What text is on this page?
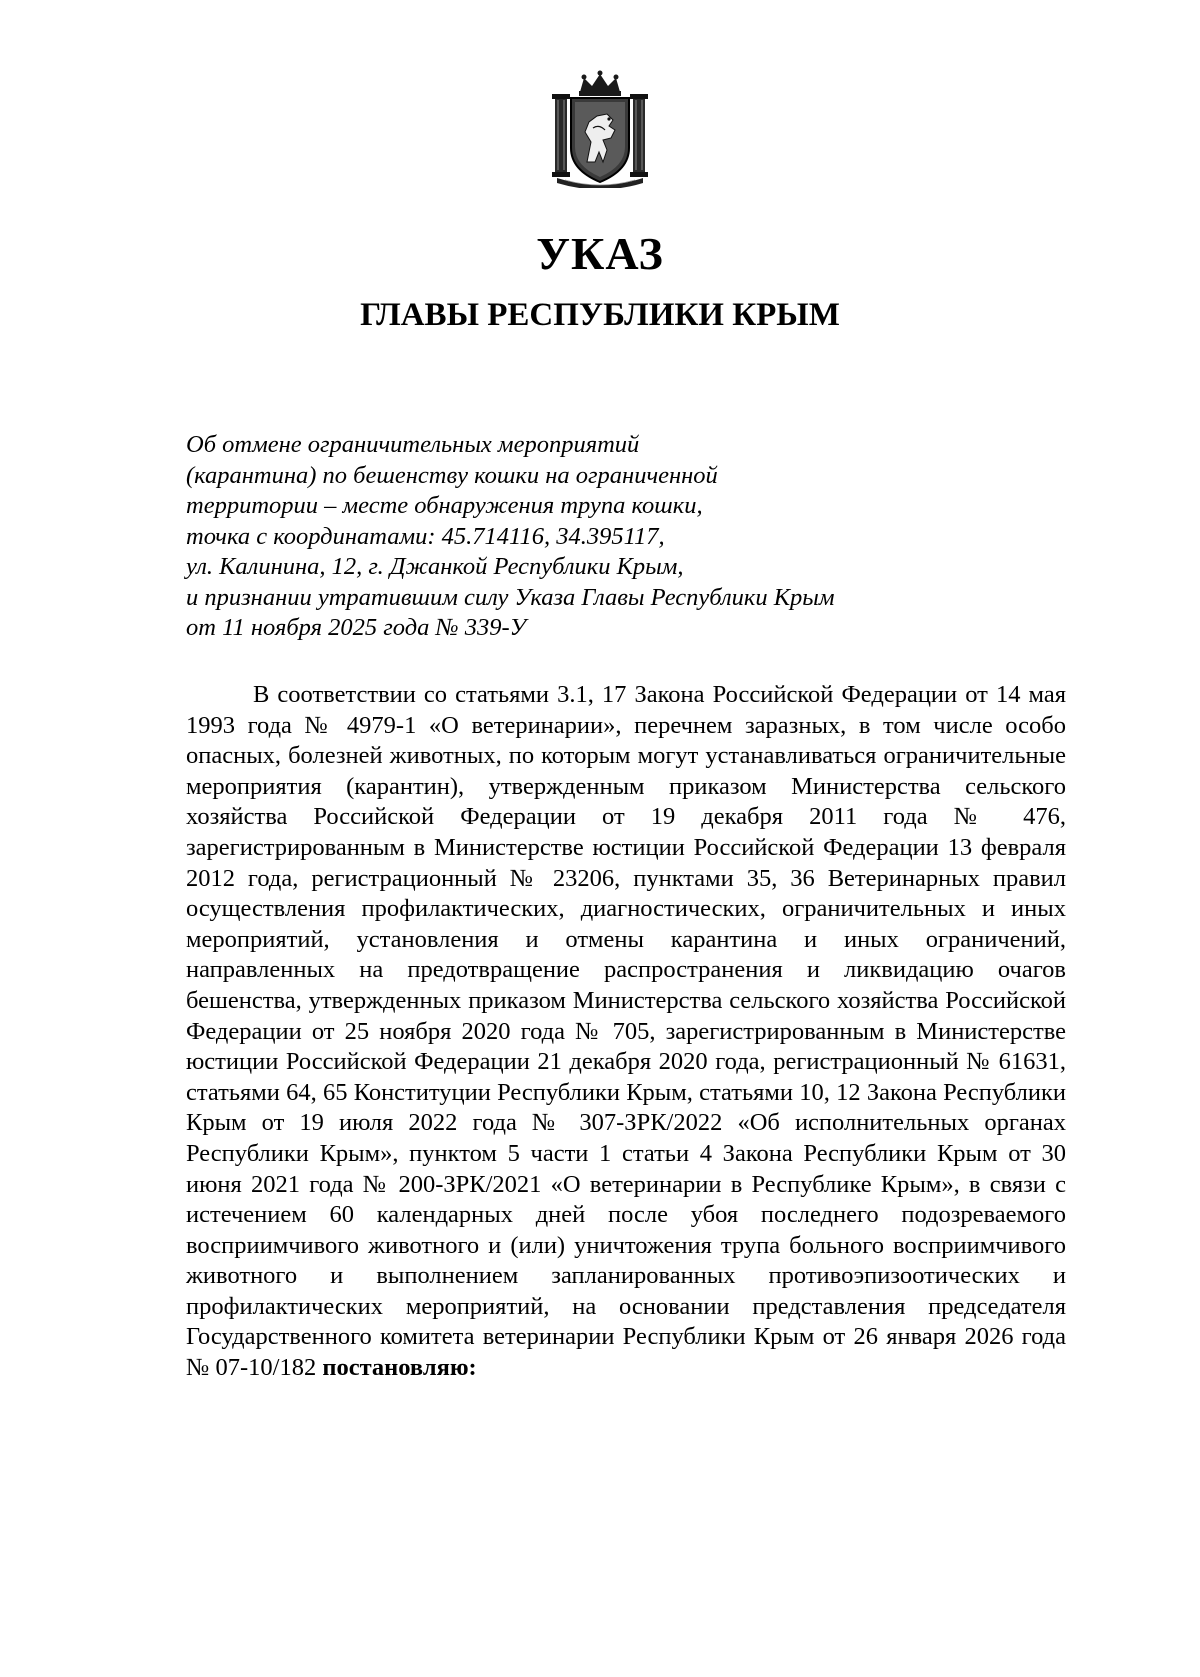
УКАЗ
ГЛАВЫ РЕСПУБЛИКИ КРЫМ
Об отмене ограничительных мероприятий
(карантина) по бешенству кошки на ограниченной
территории – месте обнаружения трупа кошки,
точка с координатами: 45.714116, 34.395117,
ул. Калинина, 12, г. Джанкой Республики Крым,
и признании утратившим силу Указа Главы Республики Крым
от 11 ноября 2025 года № 339-У

В соответствии со статьями 3.1, 17 Закона Российской Федерации от 14 мая 1993 года № 4979-1 «О ветеринарии», перечнем заразных, в том числе особо опасных, болезней животных, по которым могут устанавливаться ограничительные мероприятия (карантин), утвержденным приказом Министерства сельского хозяйства Российской Федерации от 19 декабря 2011 года № 476, зарегистрированным в Министерстве юстиции Российской Федерации 13 февраля 2012 года, регистрационный № 23206, пунктами 35, 36 Ветеринарных правил осуществления профилактических, диагностических, ограничительных и иных мероприятий, установления и отмены карантина и иных ограничений, направленных на предотвращение распространения и ликвидацию очагов бешенства, утвержденных приказом Министерства сельского хозяйства Российской Федерации от 25 ноября 2020 года № 705, зарегистрированным в Министерстве юстиции Российской Федерации 21 декабря 2020 года, регистрационный № 61631, статьями 64, 65 Конституции Республики Крым, статьями 10, 12 Закона Республики Крым от 19 июля 2022 года № 307-ЗРК/2022 «Об исполнительных органах Республики Крым», пунктом 5 части 1 статьи 4 Закона Республики Крым от 30 июня 2021 года № 200-ЗРК/2021 «О ветеринарии в Республике Крым», в связи с истечением 60 календарных дней после убоя последнего подозреваемого восприимчивого животного и (или) уничтожения трупа больного восприимчивого животного и выполнением запланированных противоэпизоотических и профилактических мероприятий, на основании представления председателя Государственного комитета ветеринарии Республики Крым от 26 января 2026 года № 07-10/182 постановляю:
